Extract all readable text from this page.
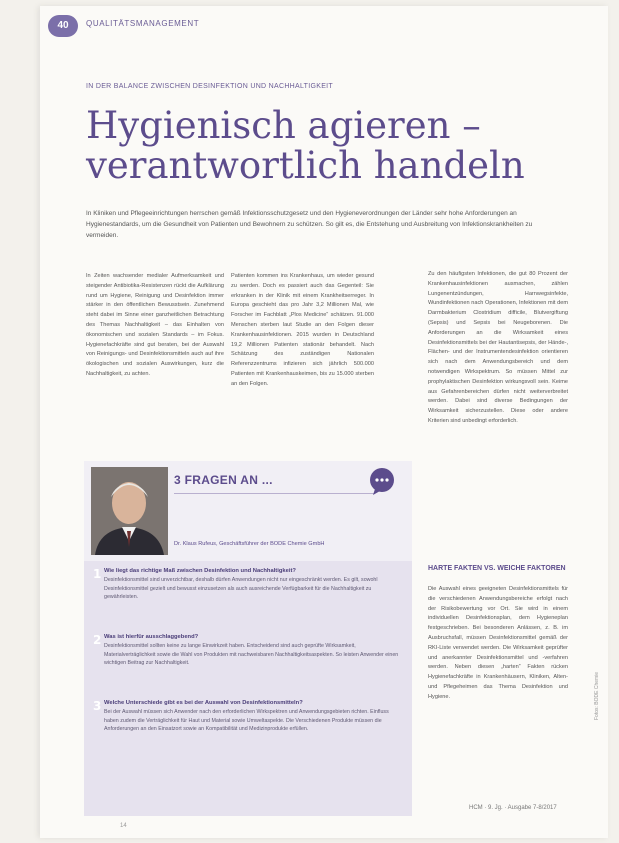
40	QUALITÄTSMANAGEMENT
IN DER BALANCE ZWISCHEN DESINFEKTION UND NACHHALTIGKEIT
Hygienisch agieren –
verantwortlich handeln
In Kliniken und Pflegeeinrichtungen herrschen gemäß Infektionsschutzgesetz und den Hygieneverordnungen der Länder sehr hohe Anforderungen an Hygienestandards, um die Gesundheit von Patienten und Bewohnern zu schützen. So gilt es, die Entstehung und Ausbreitung von Infektionskrankheiten zu vermeiden.
In Zeiten wachsender medialer Aufmerksamkeit und steigender Antibiotika-Resistenzen rückt die Aufklärung rund um Hygiene, Reinigung und Desinfektion immer stärker in den öffentlichen Bewusstsein. Zunehmend steht dabei im Sinne einer ganzheitlichen Betrachtung des Themas Nachhaltigkeit – das Einhalten von ökonomischen und sozialen Standards – im Fokus. Hygienefachkräfte sind gut beraten, bei der Auswahl von Reinigungs- und Desinfektionsmitteln auch auf ihre ökologischen und sozialen Auswirkungen, kurz die Nachhaltigkeit, zu achten.
Patienten kommen ins Krankenhaus, um wieder gesund zu werden. Doch es passiert auch das Gegenteil: Sie erkranken in der Klinik mit einem Krankheitserreger. In Europa geschieht das pro Jahr 3,2 Millionen Mal, wie Forscher im Fachblatt „Plos Medicine“ schätzen. 91.000 Menschen sterben laut Studie an den Folgen dieser Krankenhausinfektionen. 2015 wurden in Deutschland 19,2 Millionen Patienten stationär behandelt. Nach Schätzung des zuständigen Nationalen Referenzzentrums infizieren sich jährlich 500.000 Patienten mit Krankenhauskeimen, bis zu 15.000 sterben an den Folgen.
Zu den häufigsten Infektionen, die gut 80 Prozent der Krankenhausinfektionen ausmachen, zählen Lungenentzündungen, Harnwegsinfekte, Wundinfektionen nach Operationen, Infektionen mit dem Darmbakterium Clostridium difficile, Blutvergiftung (Sepsis) und Sepsis bei Neugeborenen. Die Anforderungen an die Wirksamkeit eines Desinfektionsmittels bei der Hautantisepsis, der Hände-, Flächen- und der Instrumentendesinfektion orientieren sich nach dem Anwendungsbereich und dem notwendigen Wirkspektrum. So müssen Mittel zur prophylaktischen Desinfektion wirkungsvoll sein. Keime aus Gefahrenbereichen dürfen nicht weiterverbreitet werden. Dabei sind diverse Bedingungen der Wirksamkeit sicherzustellen. Diese oder andere Kriterien sind unbedingt erforderlich.
HARTE FAKTEN VS. WEICHE FAKTOREN
Die Auswahl eines geeigneten Desinfektionsmittels für die verschiedenen Anwendungsbereiche erfolgt nach der Risikobewertung vor Ort. Sie wird in einem individuellen Desinfektionsplan, dem Hygieneplan festgeschrieben. Bei besonderen Anlässen, z. B. im Ausbruchsfall, müssen Desinfektionsmittel gemäß der RKI-Liste verwendet werden. Die Wirksamkeit geprüfter und anerkannter Desinfektionsmittel und -verfahren werden. Neben diesen „harten“ Fakten rücken Hygienefachkräfte in Krankenhäusern, Kliniken, Alten- und Pflegeheimen das Thema Desinfektion und Hygiene.
3 FRAGEN AN ...
Dr. Klaus Rufeus, Geschäftsführer der BODE Chemie GmbH
1 Wie liegt das richtige Maß zwischen Desinfektion und Nachhaltigkeit?
Desinfektionsmittel sind unverzichtbar, deshalb dürfen Anwendungen nicht nur eingeschränkt werden. Es gilt, sowohl Desinfektionsmittel gezielt und bewusst einzusetzen als auch ausreichende Verfügbarkeit für die Nachhaltigkeit zu gewährleisten.
2 Was ist hierfür ausschlaggebend?
Desinfektionsmittel sollten keine zu lange Einwirkzeit haben. Entscheidend sind auch geprüfte Wirksamkeit, Materialverträglichkeit sowie die Wahl von Produkten mit nachweisbaren Nachhaltigkeitsaspekten. So leisten Anwender einen wichtigen Beitrag zur Nachhaltigkeit.
3 Welche Unterschiede gibt es bei der Auswahl von Desinfektionsmitteln?
Bei der Auswahl müssen sich Anwender nach den erforderlichen Wirkspektren und Anwendungsgebieten richten. Einfluss haben zudem die Verträglichkeit für Haut und Material sowie Umweltaspekte. Die Verschiedenen Produkte müssen die Anforderungen an den Einsatzort sowie an Kompatibilität und Medizinprodukte erfüllen.
14
HCM · 9. Jg. · Ausgabe 7-8/2017
Fotos: BODE Chemie
